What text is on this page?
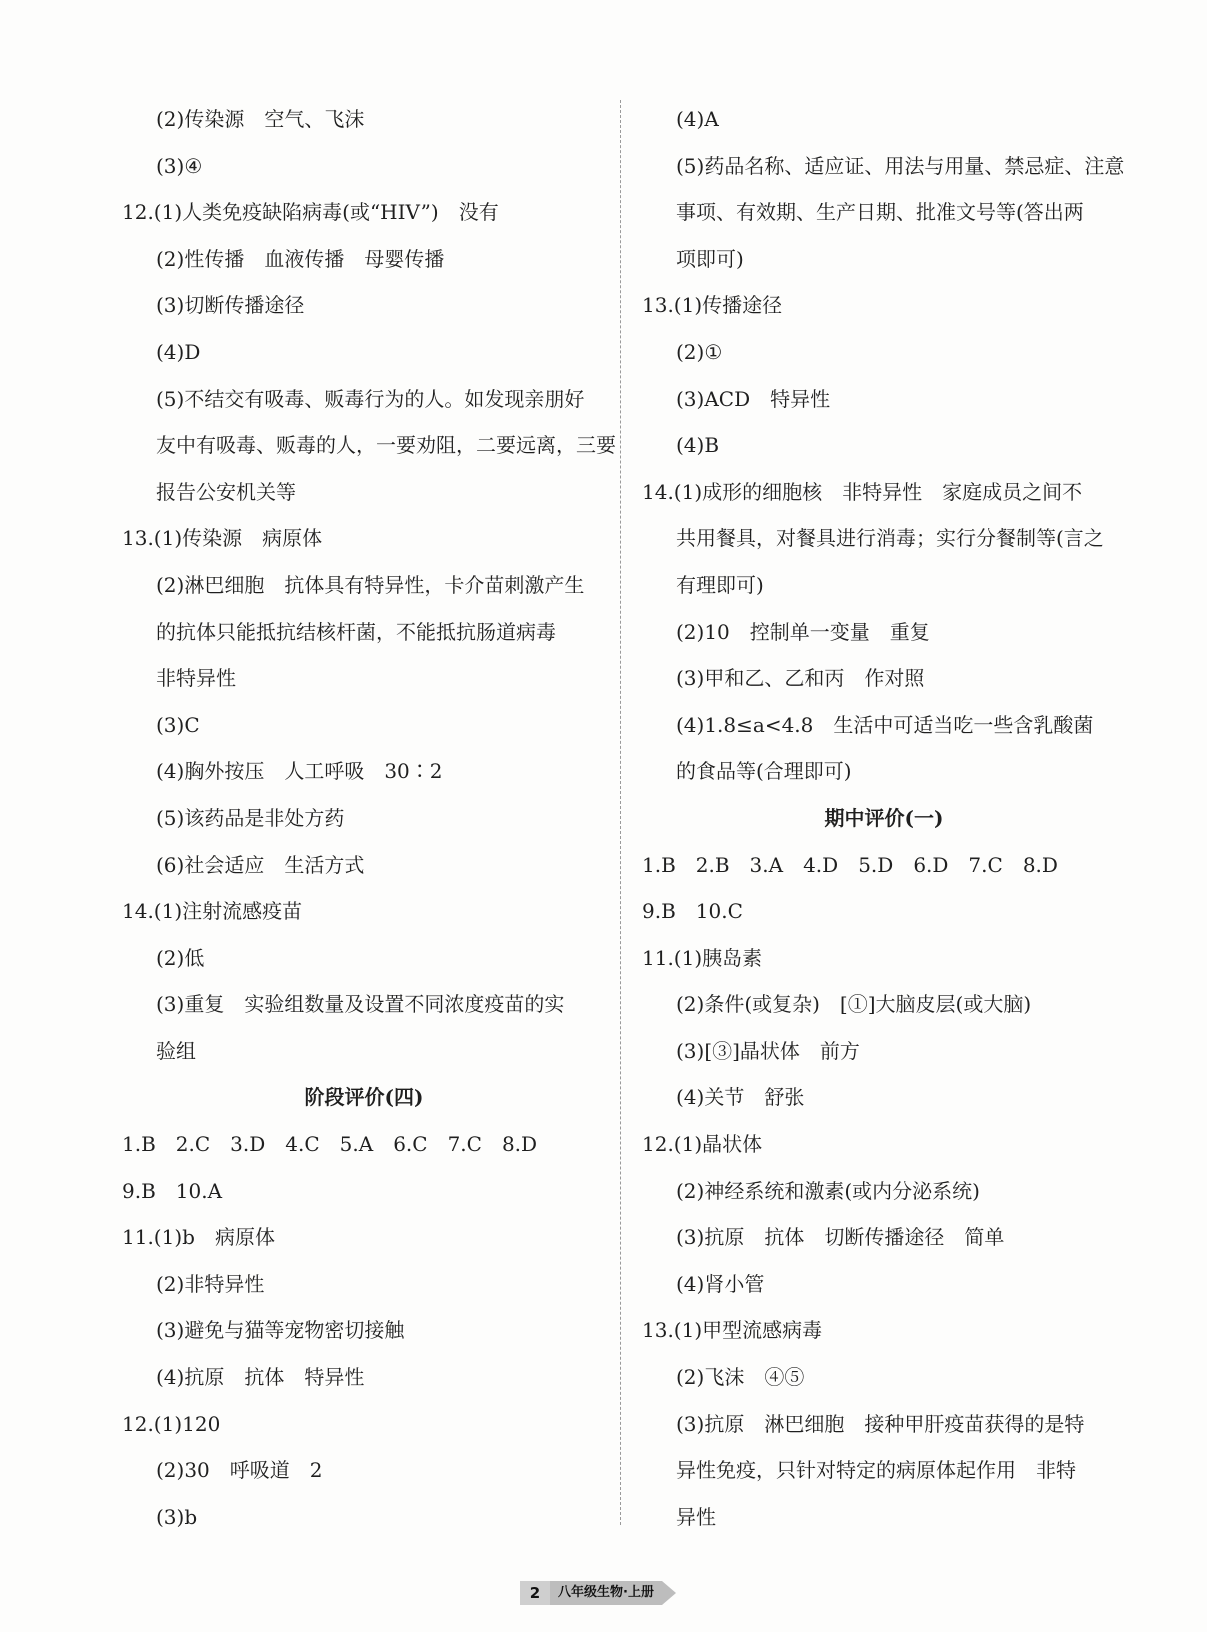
(2)传染源　空气、飞沫
(3)④
12.(1)人类免疫缺陷病毒(或“HIV”)　没有
(2)性传播　血液传播　母婴传播
(3)切断传播途径
(4)D
(5)不结交有吸毒、贩毒行为的人。如发现亲朋好
友中有吸毒、贩毒的人，一要劝阻，二要远离，三要
报告公安机关等
13.(1)传染源　病原体
(2)淋巴细胞　抗体具有特异性，卡介苗刺激产生
的抗体只能抵抗结核杆菌，不能抵抗肠道病毒
非特异性
(3)C
(4)胸外按压　人工呼吸　30∶2
(5)该药品是非处方药
(6)社会适应　生活方式
14.(1)注射流感疫苗
(2)低
(3)重复　实验组数量及设置不同浓度疫苗的实
验组
阶段评价(四)
1.B　2.C　3.D　4.C　5.A　6.C　7.C　8.D
9.B　10.A
11.(1)b　病原体
(2)非特异性
(3)避免与猫等宠物密切接触
(4)抗原　抗体　特异性
12.(1)120
(2)30　呼吸道　2
(3)b
(4)A
(5)药品名称、适应证、用法与用量、禁忌症、注意
事项、有效期、生产日期、批准文号等(答出两
项即可)
13.(1)传播途径
(2)①
(3)ACD　特异性
(4)B
14.(1)成形的细胞核　非特异性　家庭成员之间不
共用餐具，对餐具进行消毒；实行分餐制等(言之
有理即可)
(2)10　控制单一变量　重复
(3)甲和乙、乙和丙　作对照
(4)1.8≤a<4.8　生活中可适当吃一些含乳酸菌
的食品等(合理即可)
期中评价(一)
1.B　2.B　3.A　4.D　5.D　6.D　7.C　8.D
9.B　10.C
11.(1)胰岛素
(2)条件(或复杂)　[①]大脑皮层(或大脑)
(3)[③]晶状体　前方
(4)关节　舒张
12.(1)晶状体
(2)神经系统和激素(或内分泌系统)
(3)抗原　抗体　切断传播途径　简单
(4)肾小管
13.(1)甲型流感病毒
(2)飞沫　④⑤
(3)抗原　淋巴细胞　接种甲肝疫苗获得的是特
异性免疫，只针对特定的病原体起作用　非特
异性
2	八年级生物·上册
